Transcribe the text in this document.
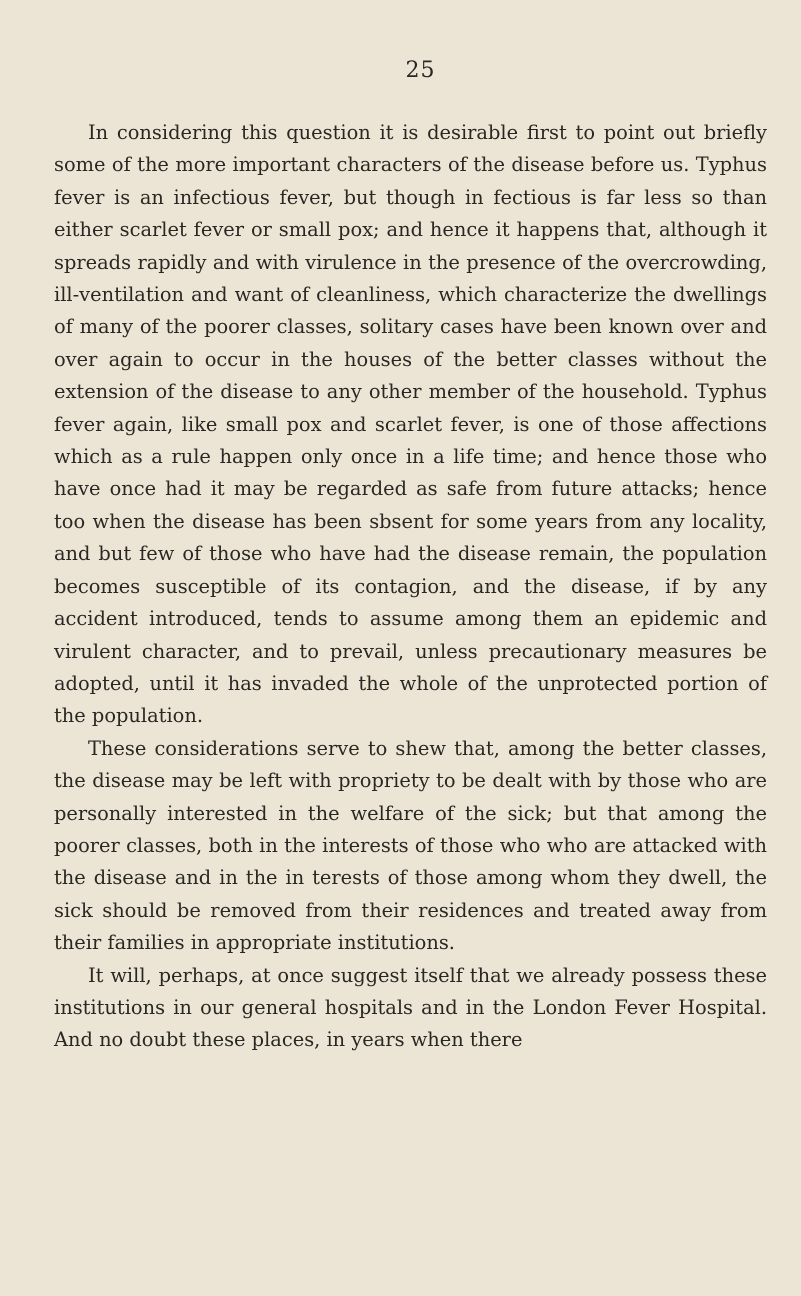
25

In considering this question it is desirable first to point out briefly some of the more important characters of the disease before us. Typhus fever is an infectious fever, but though in fectious is far less so than either scarlet fever or small pox; and hence it happens that, although it spreads rapidly and with virulence in the presence of the overcrowding, ill-ventilation and want of cleanliness, which characterize the dwellings of many of the poorer classes, solitary cases have been known over and over again to occur in the houses of the better classes without the extension of the disease to any other member of the household. Typhus fever again, like small pox and scarlet fever, is one of those affections which as a rule happen only once in a life time; and hence those who have once had it may be regarded as safe from future attacks; hence too when the disease has been sbsent for some years from any locality, and but few of those who have had the disease remain, the population becomes susceptible of its contagion, and the disease, if by any accident introduced, tends to assume among them an epidemic and virulent character, and to prevail, unless precautionary measures be adopted, until it has invaded the whole of the unprotected portion of the population.

These considerations serve to shew that, among the better classes, the disease may be left with propriety to be dealt with by those who are personally interested in the welfare of the sick; but that among the poorer classes, both in the interests of those who who are attacked with the disease and in the in terests of those among whom they dwell, the sick should be removed from their residences and treated away from their families in appropriate institutions.

It will, perhaps, at once suggest itself that we already possess these institutions in our general hospitals and in the London Fever Hospital. And no doubt these places, in years when there
